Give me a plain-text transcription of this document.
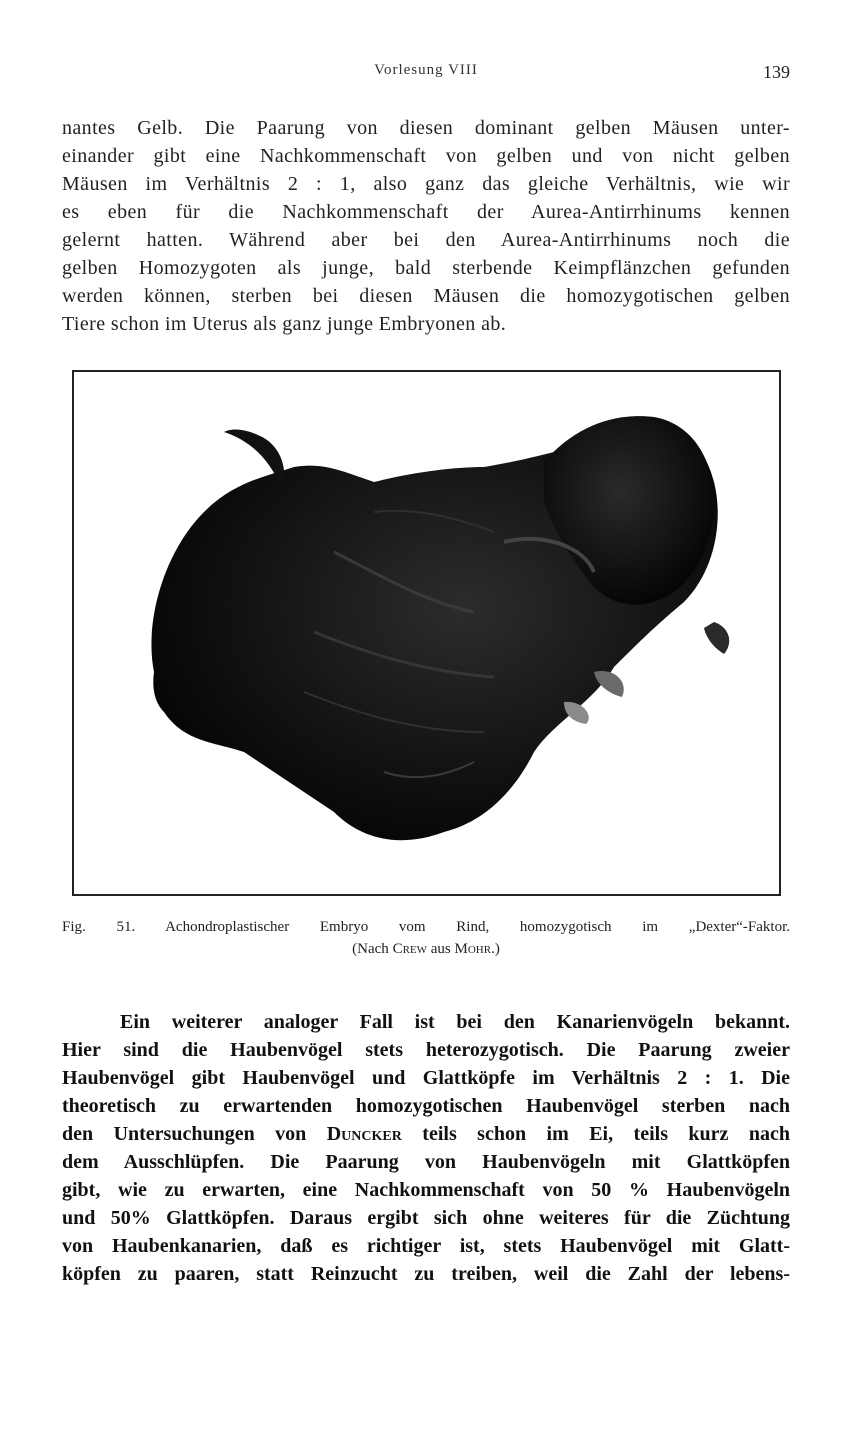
Vorlesung VIII	139
nantes Gelb. Die Paarung von diesen dominant gelben Mäusen unter-
einander gibt eine Nachkommenschaft von gelben und von nicht gelben
Mäusen im Verhältnis 2 : 1, also ganz das gleiche Verhältnis, wie wir
es eben für die Nachkommenschaft der Aurea-Antirrhinums kennen
gelernt hatten. Während aber bei den Aurea-Antirrhinums noch die
gelben Homozygoten als junge, bald sterbende Keimpflänzchen gefunden
werden können, sterben bei diesen Mäusen die homozygotischen gelben
Tiere schon im Uterus als ganz junge Embryonen ab.
Fig. 51. Achondroplastischer Embryo vom Rind, homozygotisch im „Dexter“-Faktor.
(Nach Crew aus Mohr.)
Ein weiterer analoger Fall ist bei den Kanarienvögeln bekannt.
Hier sind die Haubenvögel stets heterozygotisch. Die Paarung zweier
Haubenvögel gibt Haubenvögel und Glattköpfe im Verhältnis 2 : 1. Die
theoretisch zu erwartenden homozygotischen Haubenvögel sterben nach
den Untersuchungen von Duncker teils schon im Ei, teils kurz nach
dem Ausschlüpfen. Die Paarung von Haubenvögeln mit Glattköpfen
gibt, wie zu erwarten, eine Nachkommenschaft von 50 % Haubenvögeln
und 50% Glattköpfen. Daraus ergibt sich ohne weiteres für die Züchtung
von Haubenkanarien, daß es richtiger ist, stets Haubenvögel mit Glatt-
köpfen zu paaren, statt Reinzucht zu treiben, weil die Zahl der lebens-
